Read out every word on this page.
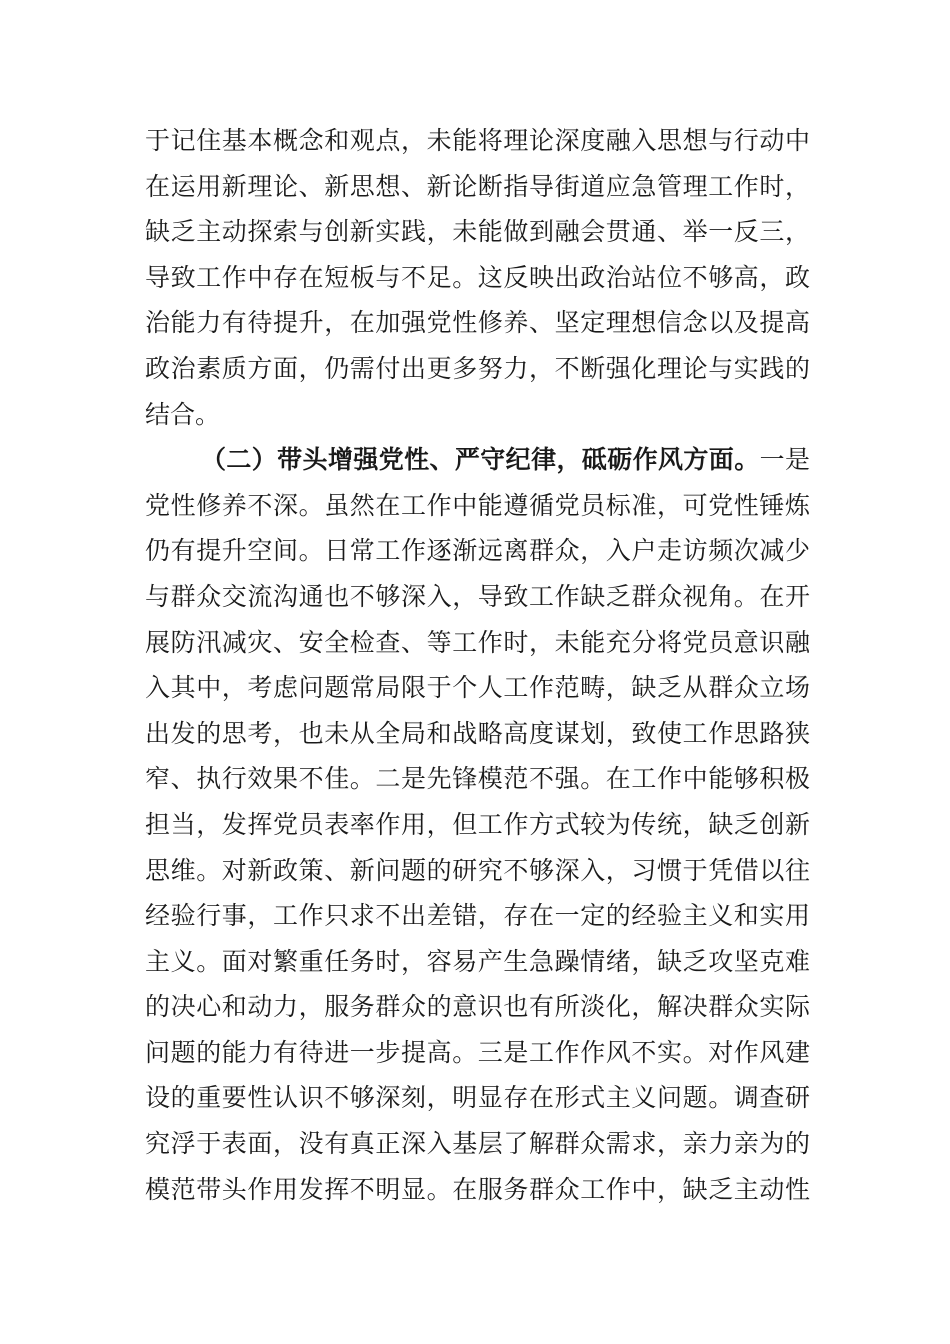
于记住基本概念和观点，未能将理论深度融入思想与行动中
在运用新理论、新思想、新论断指导街道应急管理工作时，
缺乏主动探索与创新实践，未能做到融会贯通、举一反三，
导致工作中存在短板与不足。这反映出政治站位不够高，政
治能力有待提升，在加强党性修养、坚定理想信念以及提高
政治素质方面，仍需付出更多努力，不断强化理论与实践的
结合。
（二）带头增强党性、严守纪律，砥砺作风方面。一是
党性修养不深。虽然在工作中能遵循党员标准，可党性锤炼
仍有提升空间。日常工作逐渐远离群众，入户走访频次减少
与群众交流沟通也不够深入，导致工作缺乏群众视角。在开
展防汛减灾、安全检查、等工作时，未能充分将党员意识融
入其中，考虑问题常局限于个人工作范畴，缺乏从群众立场
出发的思考，也未从全局和战略高度谋划，致使工作思路狭
窄、执行效果不佳。二是先锋模范不强。在工作中能够积极
担当，发挥党员表率作用，但工作方式较为传统，缺乏创新
思维。对新政策、新问题的研究不够深入，习惯于凭借以往
经验行事，工作只求不出差错，存在一定的经验主义和实用
主义。面对繁重任务时，容易产生急躁情绪，缺乏攻坚克难
的决心和动力，服务群众的意识也有所淡化，解决群众实际
问题的能力有待进一步提高。三是工作作风不实。对作风建
设的重要性认识不够深刻，明显存在形式主义问题。调查研
究浮于表面，没有真正深入基层了解群众需求，亲力亲为的
模范带头作用发挥不明显。在服务群众工作中，缺乏主动性
